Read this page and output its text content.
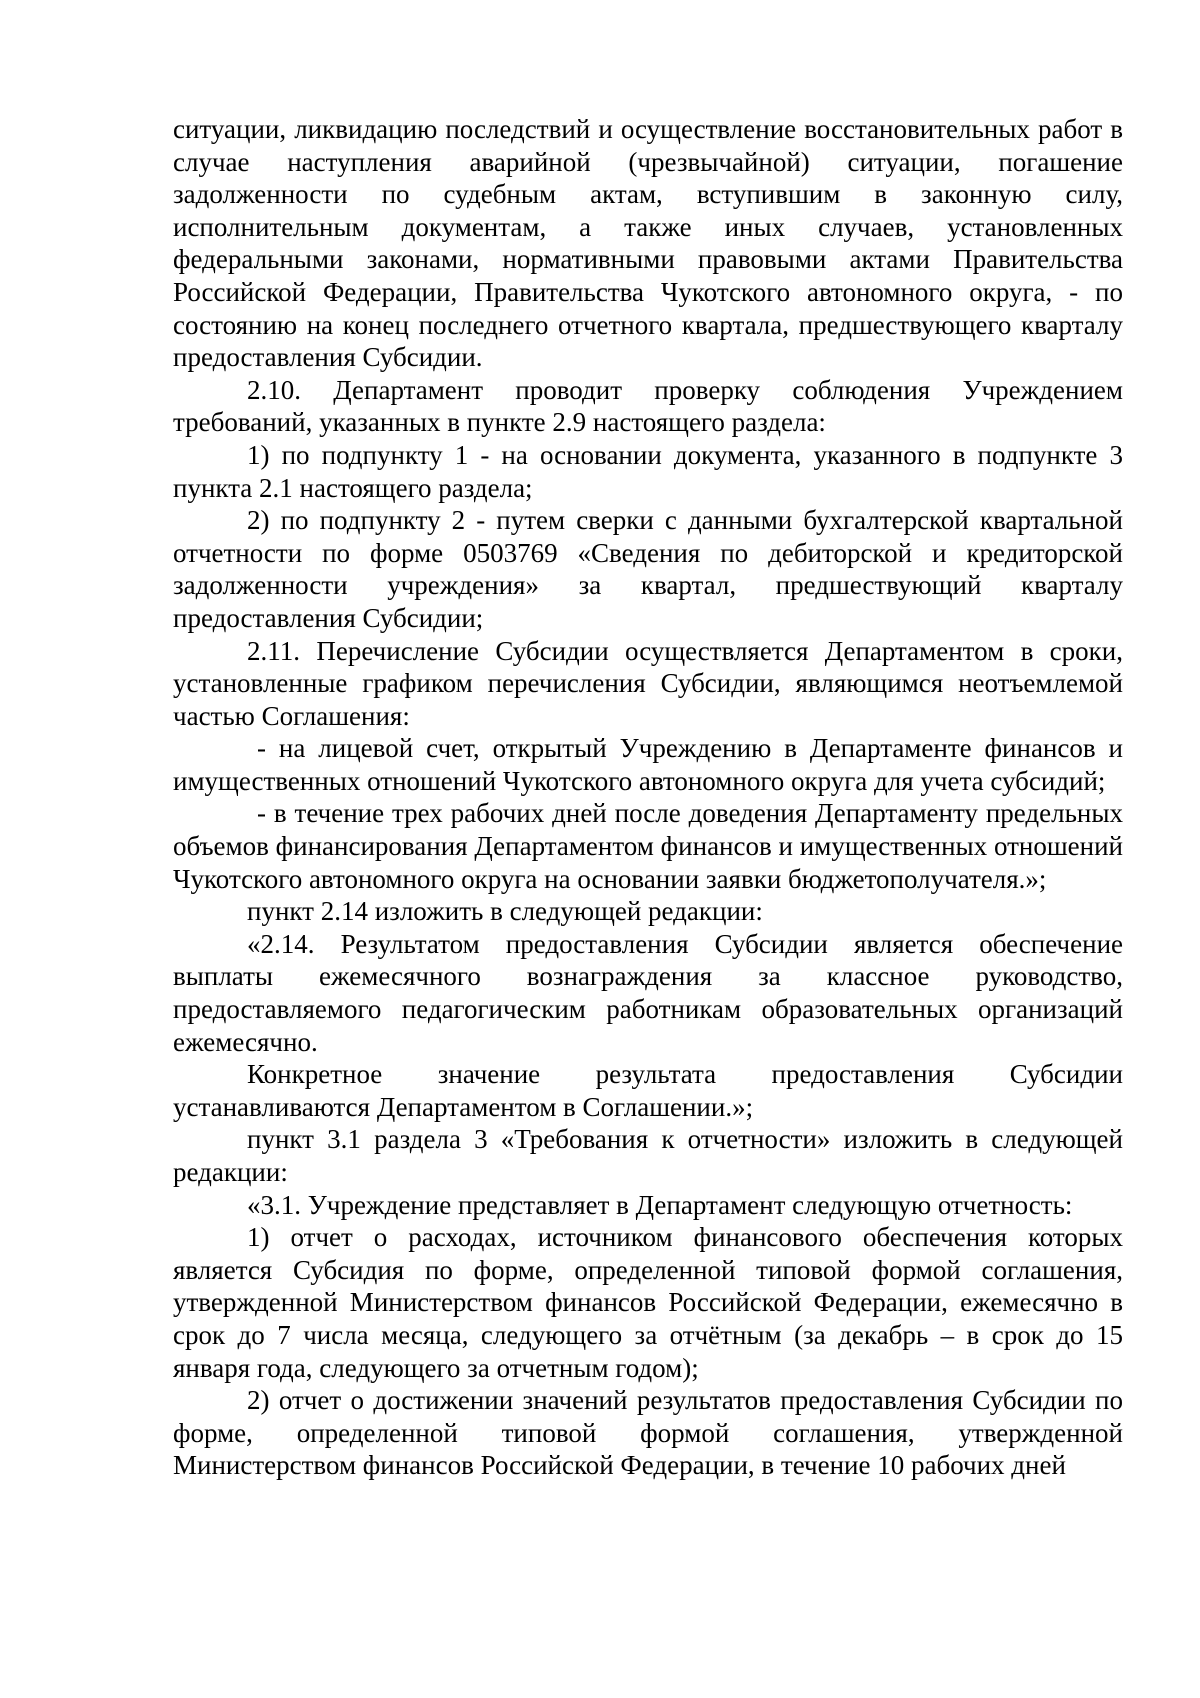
ситуации, ликвидацию последствий и осуществление восстановительных работ в случае наступления аварийной (чрезвычайной) ситуации, погашение задолженности по судебным актам, вступившим в законную силу, исполнительным документам, а также иных случаев, установленных федеральными законами, нормативными правовыми актами Правительства Российской Федерации, Правительства Чукотского автономного округа, - по состоянию на конец последнего отчетного квартала, предшествующего кварталу предоставления Субсидии.

2.10. Департамент проводит проверку соблюдения Учреждением требований, указанных в пункте 2.9 настоящего раздела:

1) по подпункту 1 - на основании документа, указанного в подпункте 3 пункта 2.1 настоящего раздела;

2) по подпункту 2 - путем сверки с данными бухгалтерской квартальной отчетности по форме 0503769 «Сведения по дебиторской и кредиторской задолженности учреждения» за квартал, предшествующий кварталу предоставления Субсидии;

2.11. Перечисление Субсидии осуществляется Департаментом в сроки, установленные графиком перечисления Субсидии, являющимся неотъемлемой частью Соглашения:

- на лицевой счет, открытый Учреждению в Департаменте финансов и имущественных отношений Чукотского автономного округа для учета субсидий;

- в течение трех рабочих дней после доведения Департаменту предельных объемов финансирования Департаментом финансов и имущественных отношений Чукотского автономного округа на основании заявки бюджетополучателя.»;

пункт 2.14 изложить в следующей редакции:

«2.14. Результатом предоставления Субсидии является обеспечение выплаты ежемесячного вознаграждения за классное руководство, предоставляемого педагогическим работникам образовательных организаций ежемесячно.

Конкретное значение результата предоставления Субсидии устанавливаются Департаментом в Соглашении.»;

пункт 3.1 раздела 3 «Требования к отчетности» изложить в следующей редакции:

«3.1. Учреждение представляет в Департамент следующую отчетность:

1) отчет о расходах, источником финансового обеспечения которых является Субсидия по форме, определенной типовой формой соглашения, утвержденной Министерством финансов Российской Федерации, ежемесячно в срок до 7 числа месяца, следующего за отчётным (за декабрь – в срок до 15 января года, следующего за отчетным годом);

2) отчет о достижении значений результатов предоставления Субсидии по форме, определенной типовой формой соглашения, утвержденной Министерством финансов Российской Федерации, в течение 10 рабочих дней
